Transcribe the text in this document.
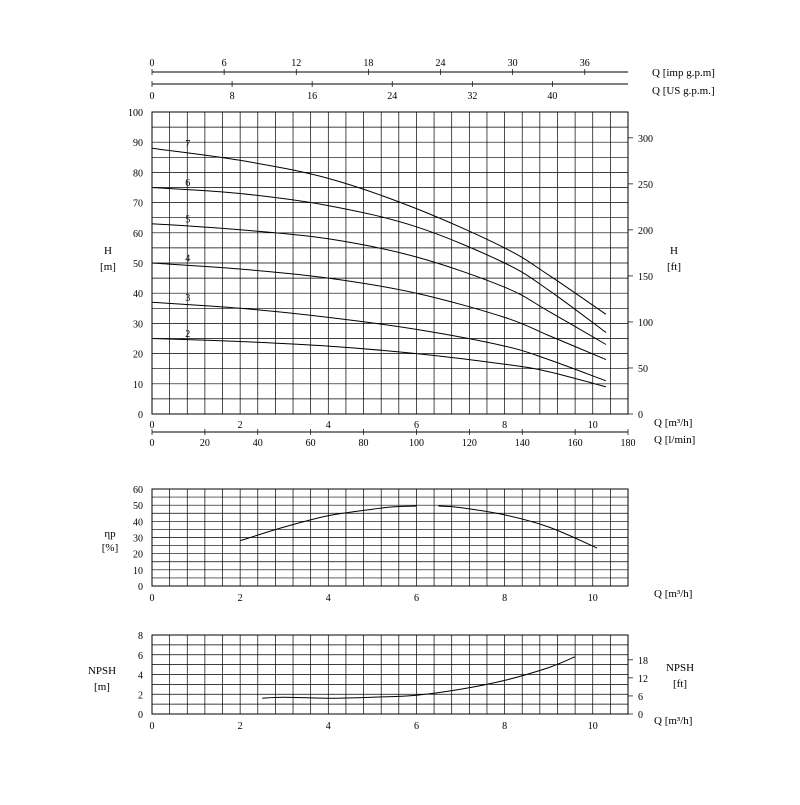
0	6	12	18	24	30	36
0	8	16	24	32	40
Q [imp g.p.m]
Q [US g.p.m.]
0
10
20
30
40
50
60
70
80
90
100
0
50
100
150
200
250
300
2
3
4
5
6
7
0	2	4	6	8	10
0	20	40	60	80	100	120	140	160	180
Q [m³/h]
Q [l/min]
H
[m]
H
[ft]
0
10
20
30
40
50
60
0	2	4	6	8	10	Q [m³/h]
ηp
[%]
0
2
4
6
8
0
6
12
18
0	2	4	6	8	10	Q [m³/h]
NPSH
[m]
NPSH
[ft]
